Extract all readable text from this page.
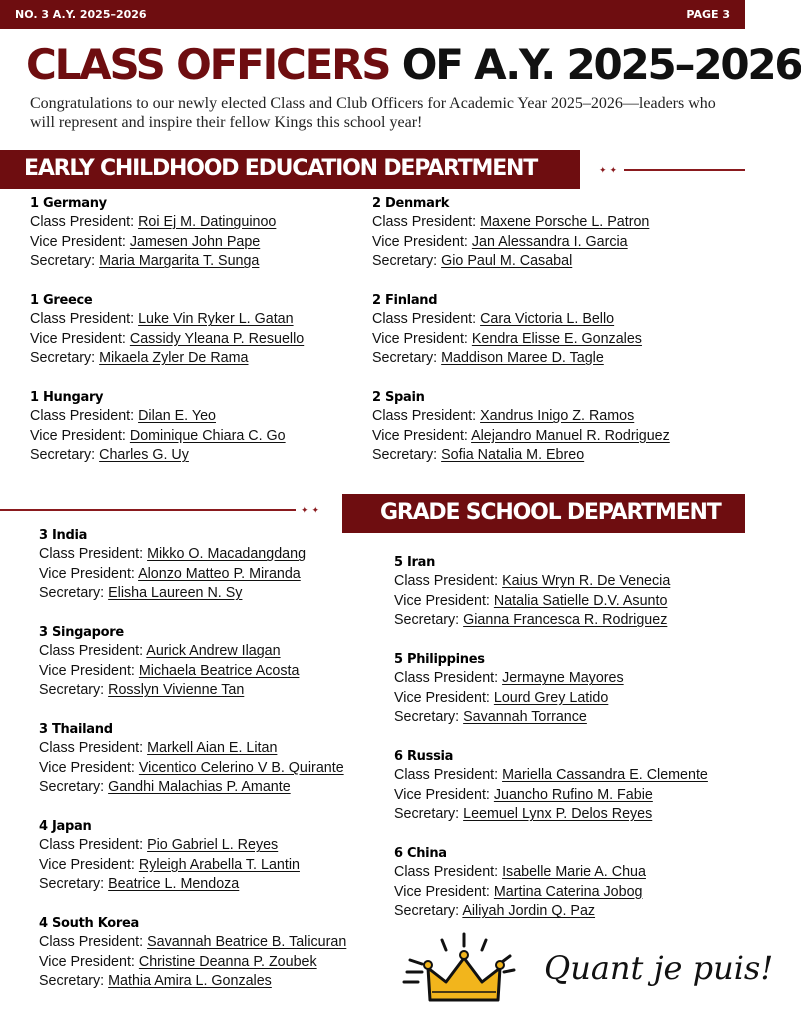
NO. 3 A.Y. 2025–2026	PAGE 3
CLASS OFFICERS OF A.Y. 2025–2026
Congratulations to our newly elected Class and Club Officers for Academic Year 2025–2026—leaders who will represent and inspire their fellow Kings this school year!
EARLY CHILDHOOD EDUCATION DEPARTMENT	✦✦
✦✦	GRADE SCHOOL DEPARTMENT
1 Germany
Class President: Roi Ej M. Datinguinoo
Vice President: Jamesen John Pape
Secretary: Maria Margarita T. Sunga
1 Greece
Class President: Luke Vin Ryker L. Gatan
Vice President: Cassidy Yleana P. Resuello
Secretary: Mikaela Zyler De Rama
1 Hungary
Class President: Dilan E. Yeo
Vice President: Dominique Chiara C. Go
Secretary: Charles G. Uy
2 Denmark
Class President: Maxene Porsche L. Patron
Vice President: Jan Alessandra I. Garcia
Secretary: Gio Paul M. Casabal
2 Finland
Class President: Cara Victoria L. Bello
Vice President: Kendra Elisse E. Gonzales
Secretary: Maddison Maree D. Tagle
2 Spain
Class President: Xandrus Inigo Z. Ramos
Vice President: Alejandro Manuel R. Rodriguez
Secretary: Sofia Natalia M. Ebreo
3 India
Class President: Mikko O. Macadangdang
Vice President: Alonzo Matteo P. Miranda
Secretary: Elisha Laureen N. Sy
3 Singapore
Class President: Aurick Andrew Ilagan
Vice President: Michaela Beatrice Acosta
Secretary: Rosslyn Vivienne Tan
3 Thailand
Class President: Markell Aian E. Litan
Vice President: Vicentico Celerino V B. Quirante
Secretary: Gandhi Malachias P. Amante
4 Japan
Class President: Pio Gabriel L. Reyes
Vice President: Ryleigh Arabella T. Lantin
Secretary: Beatrice L. Mendoza
4 South Korea
Class President: Savannah Beatrice B. Talicuran
Vice President: Christine Deanna P. Zoubek
Secretary: Mathia Amira L. Gonzales
5 Iran
Class President: Kaius Wryn R. De Venecia
Vice President: Natalia Satielle D.V. Asunto
Secretary: Gianna Francesca R. Rodriguez
5 Philippines
Class President: Jermayne Mayores
Vice President: Lourd Grey Latido
Secretary: Savannah Torrance
6 Russia
Class President: Mariella Cassandra E. Clemente
Vice President: Juancho Rufino M. Fabie
Secretary: Leemuel Lynx P. Delos Reyes
6 China
Class President: Isabelle Marie A. Chua
Vice President: Martina Caterina Jobog
Secretary: Ailiyah Jordin Q. Paz
Quant je puis!
